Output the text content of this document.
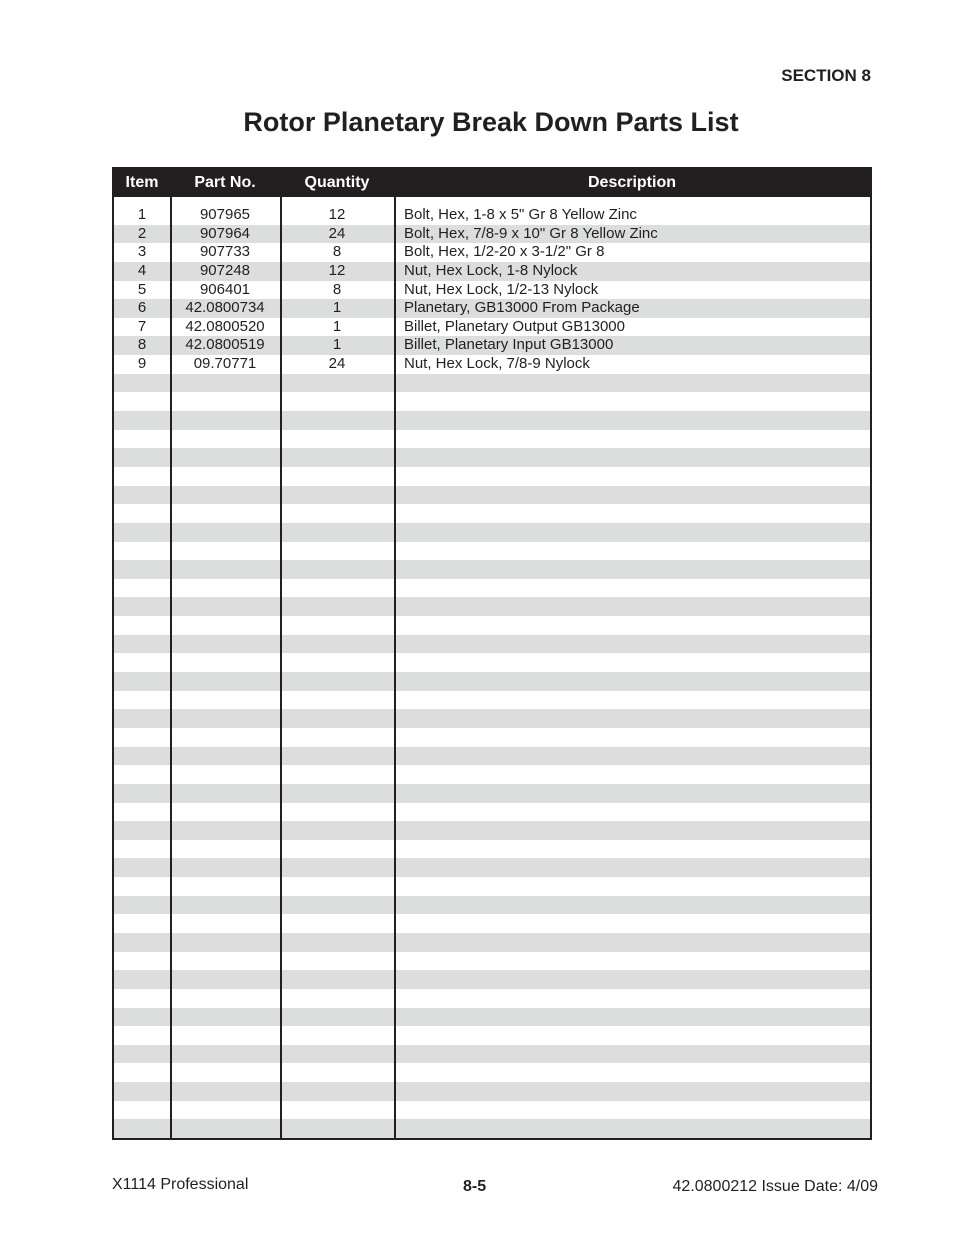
SECTION 8
Rotor Planetary Break Down Parts List
Item	Part No.	Quantity	Description
1	907965	12	Bolt, Hex, 1-8 x 5" Gr 8 Yellow Zinc
2	907964	24	Bolt, Hex, 7/8-9 x 10" Gr 8 Yellow Zinc
3	907733	8	Bolt, Hex, 1/2-20 x 3-1/2" Gr 8
4	907248	12	Nut, Hex Lock, 1-8 Nylock
5	906401	8	Nut, Hex Lock, 1/2-13 Nylock
6	42.0800734	1	Planetary, GB13000 From Package
7	42.0800520	1	Billet, Planetary Output GB13000
8	42.0800519	1	Billet, Planetary Input GB13000
9	09.70771	24	Nut, Hex Lock, 7/8-9 Nylock
X1114 Professional	8-5	42.0800212 Issue Date: 4/09
